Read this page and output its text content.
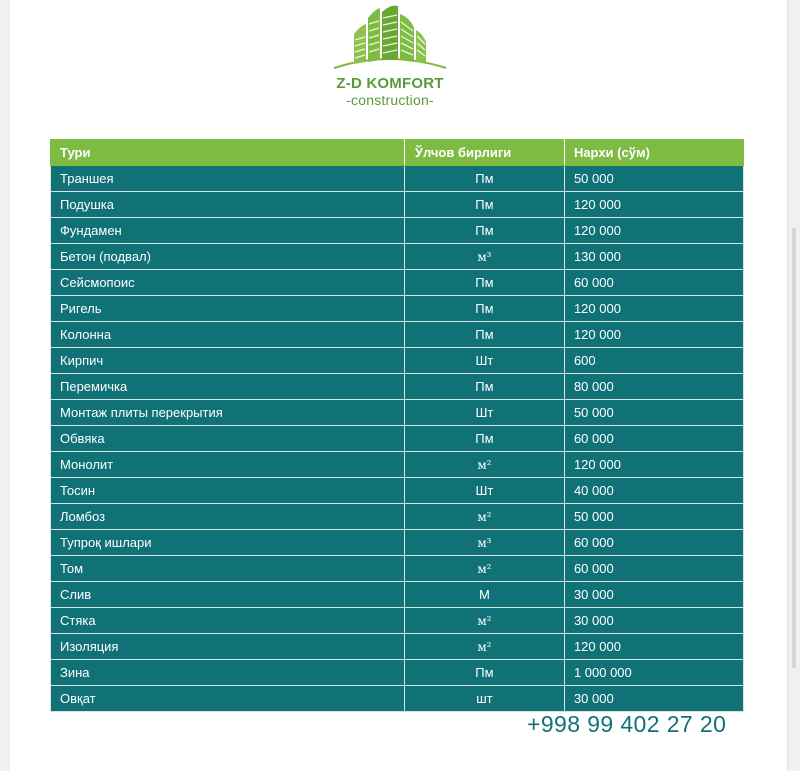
Z-D KOMFORT
-construction-
Тури	Ўлчов бирлиги	Нархи (сўм)
Траншея	Пм	50 000
Подушка	Пм	120 000
Фундамен	Пм	120 000
Бетон (подвал)	м³	130 000
Сейсмопоис	Пм	60 000
Ригель	Пм	120 000
Колонна	Пм	120 000
Кирпич	Шт	600
Перемичка	Пм	80 000
Монтаж плиты перекрытия	Шт	50 000
Обвяка	Пм	60 000
Монолит	м²	120 000
Тосин	Шт	40 000
Ломбоз	м²	50 000
Тупроқ ишлари	м³	60 000
Том	м²	60 000
Слив	М	30 000
Стяка	м²	30 000
Изоляция	м²	120 000
Зина	Пм	1 000 000
Овқат	шт	30 000
+998 99 402 27 20
